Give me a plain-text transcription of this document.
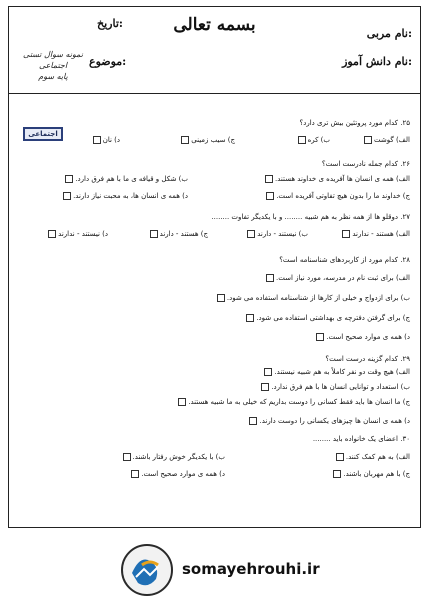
بسمه تعالی	نام مربی:
نام دانش آموز:
تاریخ:
موضوع:
نمونه سوال تستی اجتماعی
پایه سوم
اجتماعی
۲۵. کدام مورد پروتئین بیش تری دارد؟
الف) گوشت
ب) کره
ج) سیب زمینی
د) نان
۲۶. کدام جمله نادرست است؟
الف) همه ی انسان ها آفریده ی خداوند هستند.
ب) شکل و قیافه ی ما با هم فرق دارد.
ج) خداوند ما را بدون هیچ تفاوتی آفریده است.
د) همه ی انسان ها، به محبت نیاز دارند.
۲۷. دوقلو ها از همه نظر به هم شبیه ........ و با یکدیگر تفاوت ........
الف) هستند - ندارند
ب) نیستند - دارند
ج) هستند - دارند
د) نیستند - ندارند
۲۸. کدام مورد از کاربردهای شناسنامه است؟
الف) برای ثبت نام در مدرسه، مورد نیاز است.
ب) برای ازدواج و خیلی از کارها از شناسنامه استفاده می شود.
ج) برای گرفتن دفترچه ی بهداشتی استفاده می شود.
د) همه ی موارد صحیح است.
۲۹. کدام گزینه درست است؟
الف) هیچ وقت دو نفر کاملاً به هم شبیه نیستند.
ب) استعداد و توانایی انسان ها با هم فرق ندارد.
ج) ما انسان ها باید فقط کسانی را دوست بداریم که خیلی به ما شبیه هستند.
د) همه ی انسان ها چیزهای یکسانی را دوست دارند.
۳۰. اعضای یک خانواده باید ........
الف) به هم کمک کنند.
ب) با یکدیگر خوش رفتار باشند.
ج) با هم مهربان باشند.
د) همه ی موارد صحیح است.
somayehrouhi.ir
